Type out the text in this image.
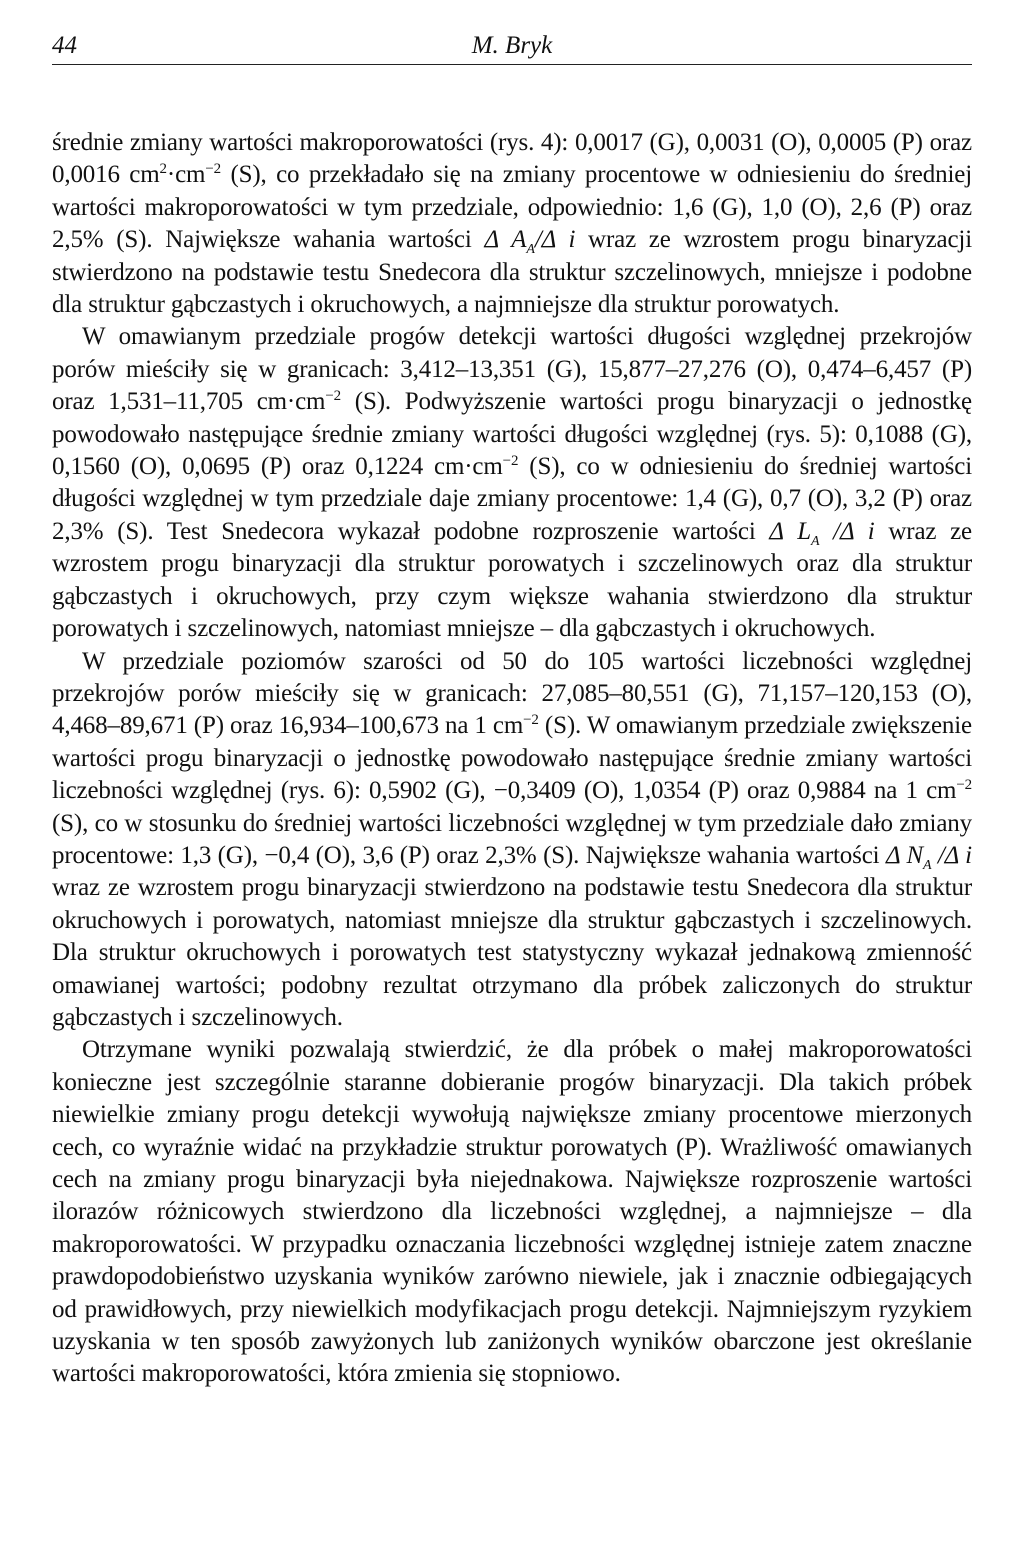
44	M. Bryk

średnie zmiany wartości makroporowatości (rys. 4): 0,0017 (G), 0,0031 (O), 0,0005 (P) oraz 0,0016 $cm^2\cdot cm^{-2}$ (S), co przekładało się na zmiany procentowe w odniesieniu do średniej wartości makroporowatości w tym przedziale, odpowiednio: 1,6 (G), 1,0 (O), 2,6 (P) oraz 2,5% (S). Największe wahania wartości Δ $A_A/\Delta$ i wraz ze wzrostem progu binaryzacji stwierdzono na podstawie testu Snedecora dla struktur szczelinowych, mniejsze i podobne dla struktur gąbczastych i okruchowych, a najmniejsze dla struktur porowatych.

W omawianym przedziale progów detekcji wartości długości względnej przekrojów porów mieściły się w granicach: 3,412–13,351 (G), 15,877–27,276 (O), 0,474–6,457 (P) oraz 1,531–11,705 $cm\cdot cm^{-2}$ (S). Podwyższenie wartości progu binaryzacji o jednostkę powodowało następujące średnie zmiany wartości długości względnej (rys. 5): 0,1088 (G), 0,1560 (O), 0,0695 (P) oraz 0,1224 $cm\cdot cm^{-2}$ (S), co w odniesieniu do średniej wartości długości względnej w tym przedziale daje zmiany procentowe: 1,4 (G), 0,7 (O), 3,2 (P) oraz 2,3% (S). Test Snedecora wykazał podobne rozproszenie wartości Δ $L_A$ /Δ i wraz ze wzrostem progu binaryzacji dla struktur porowatych i szczelinowych oraz dla struktur gąbczastych i okruchowych, przy czym większe wahania stwierdzono dla struktur porowatych i szczelinowych, natomiast mniejsze – dla gąbczastych i okruchowych.

W przedziale poziomów szarości od 50 do 105 wartości liczebności względnej przekrojów porów mieściły się w granicach: 27,085–80,551 (G), 71,157–120,153 (O), 4,468–89,671 (P) oraz 16,934–100,673 na 1 $cm^{-2}$ (S). W omawianym przedziale zwiększenie wartości progu binaryzacji o jednostkę powodowało następujące średnie zmiany wartości liczebności względnej (rys. 6): 0,5902 (G), −0,3409 (O), 1,0354 (P) oraz 0,9884 na 1 $cm^{-2}$ (S), co w stosunku do średniej wartości liczebności względnej w tym przedziale dało zmiany procentowe: 1,3 (G), −0,4 (O), 3,6 (P) oraz 2,3% (S). Największe wahania wartości Δ $N_A$ /Δ i wraz ze wzrostem progu binaryzacji stwierdzono na podstawie testu Snedecora dla struktur okruchowych i porowatych, natomiast mniejsze dla struktur gąbczastych i szczelinowych. Dla struktur okruchowych i porowatych test statystyczny wykazał jednakową zmienność omawianej wartości; podobny rezultat otrzymano dla próbek zaliczonych do struktur gąbczastych i szczelinowych.

Otrzymane wyniki pozwalają stwierdzić, że dla próbek o małej makroporowatości konieczne jest szczególnie staranne dobieranie progów binaryzacji. Dla takich próbek niewielkie zmiany progu detekcji wywołują największe zmiany procentowe mierzonych cech, co wyraźnie widać na przykładzie struktur porowatych (P). Wrażliwość omawianych cech na zmiany progu binaryzacji była niejednakowa. Największe rozproszenie wartości ilorazów różnicowych stwierdzono dla liczebności względnej, a najmniejsze – dla makroporowatości. W przypadku oznaczania liczebności względnej istnieje zatem znaczne prawdopodobieństwo uzyskania wyników zarówno niewiele, jak i znacznie odbiegających od prawidłowych, przy niewielkich modyfikacjach progu detekcji. Najmniejszym ryzykiem uzyskania w ten sposób zawyżonych lub zaniżonych wyników obarczone jest określanie wartości makroporowatości, która zmienia się stopniowo.
